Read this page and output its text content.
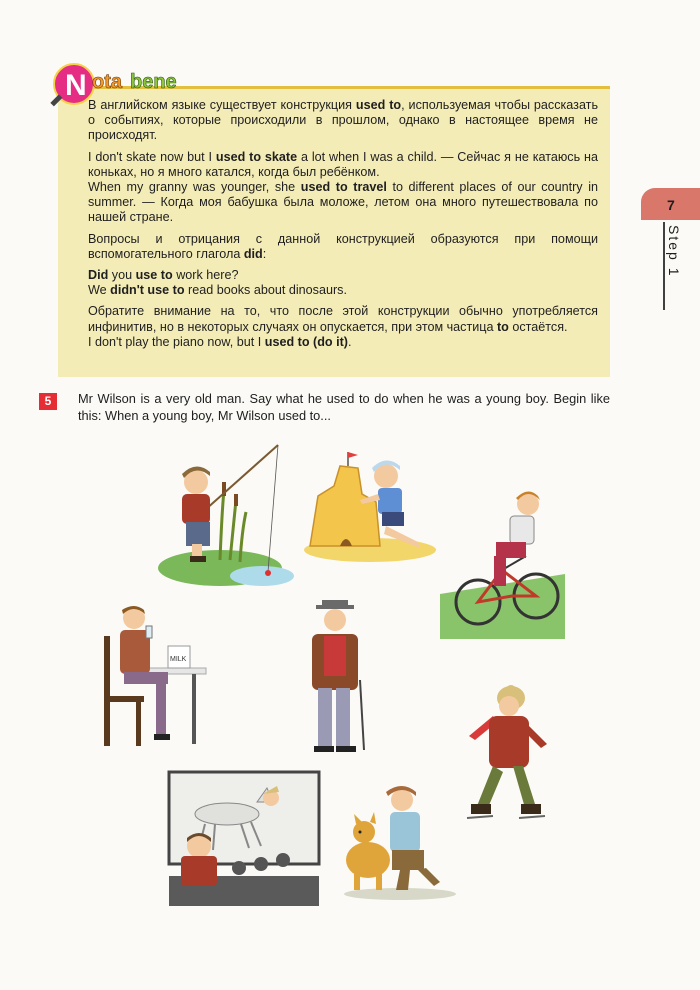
N ota bene

В английском языке существует конструкция used to, используемая чтобы рассказать о событиях, которые происходили в прошлом, однако в настоящее время не происходят.

I don't skate now but I used to skate a lot when I was a child. — Сейчас я не катаюсь на коньках, но я много катался, когда был ребёнком.
When my granny was younger, she used to travel to different places of our country in summer. — Когда моя бабушка была моложе, летом она много путешествовала по нашей стране.

Вопросы и отрицания с данной конструкцией образуются при помощи вспомогательного глагола did:

Did you use to work here?
We didn't use to read books about dinosaurs.

Обратите внимание на то, что после этой конструкции обычно употребляется инфинитив, но в некоторых случаях он опускается, при этом частица to остаётся.
I don't play the piano now, but I used to (do it).

7
Step 1
5	Mr Wilson is a very old man. Say what he used to do when he was a young boy. Begin like this: When a young boy, Mr Wilson used to...
MILK
